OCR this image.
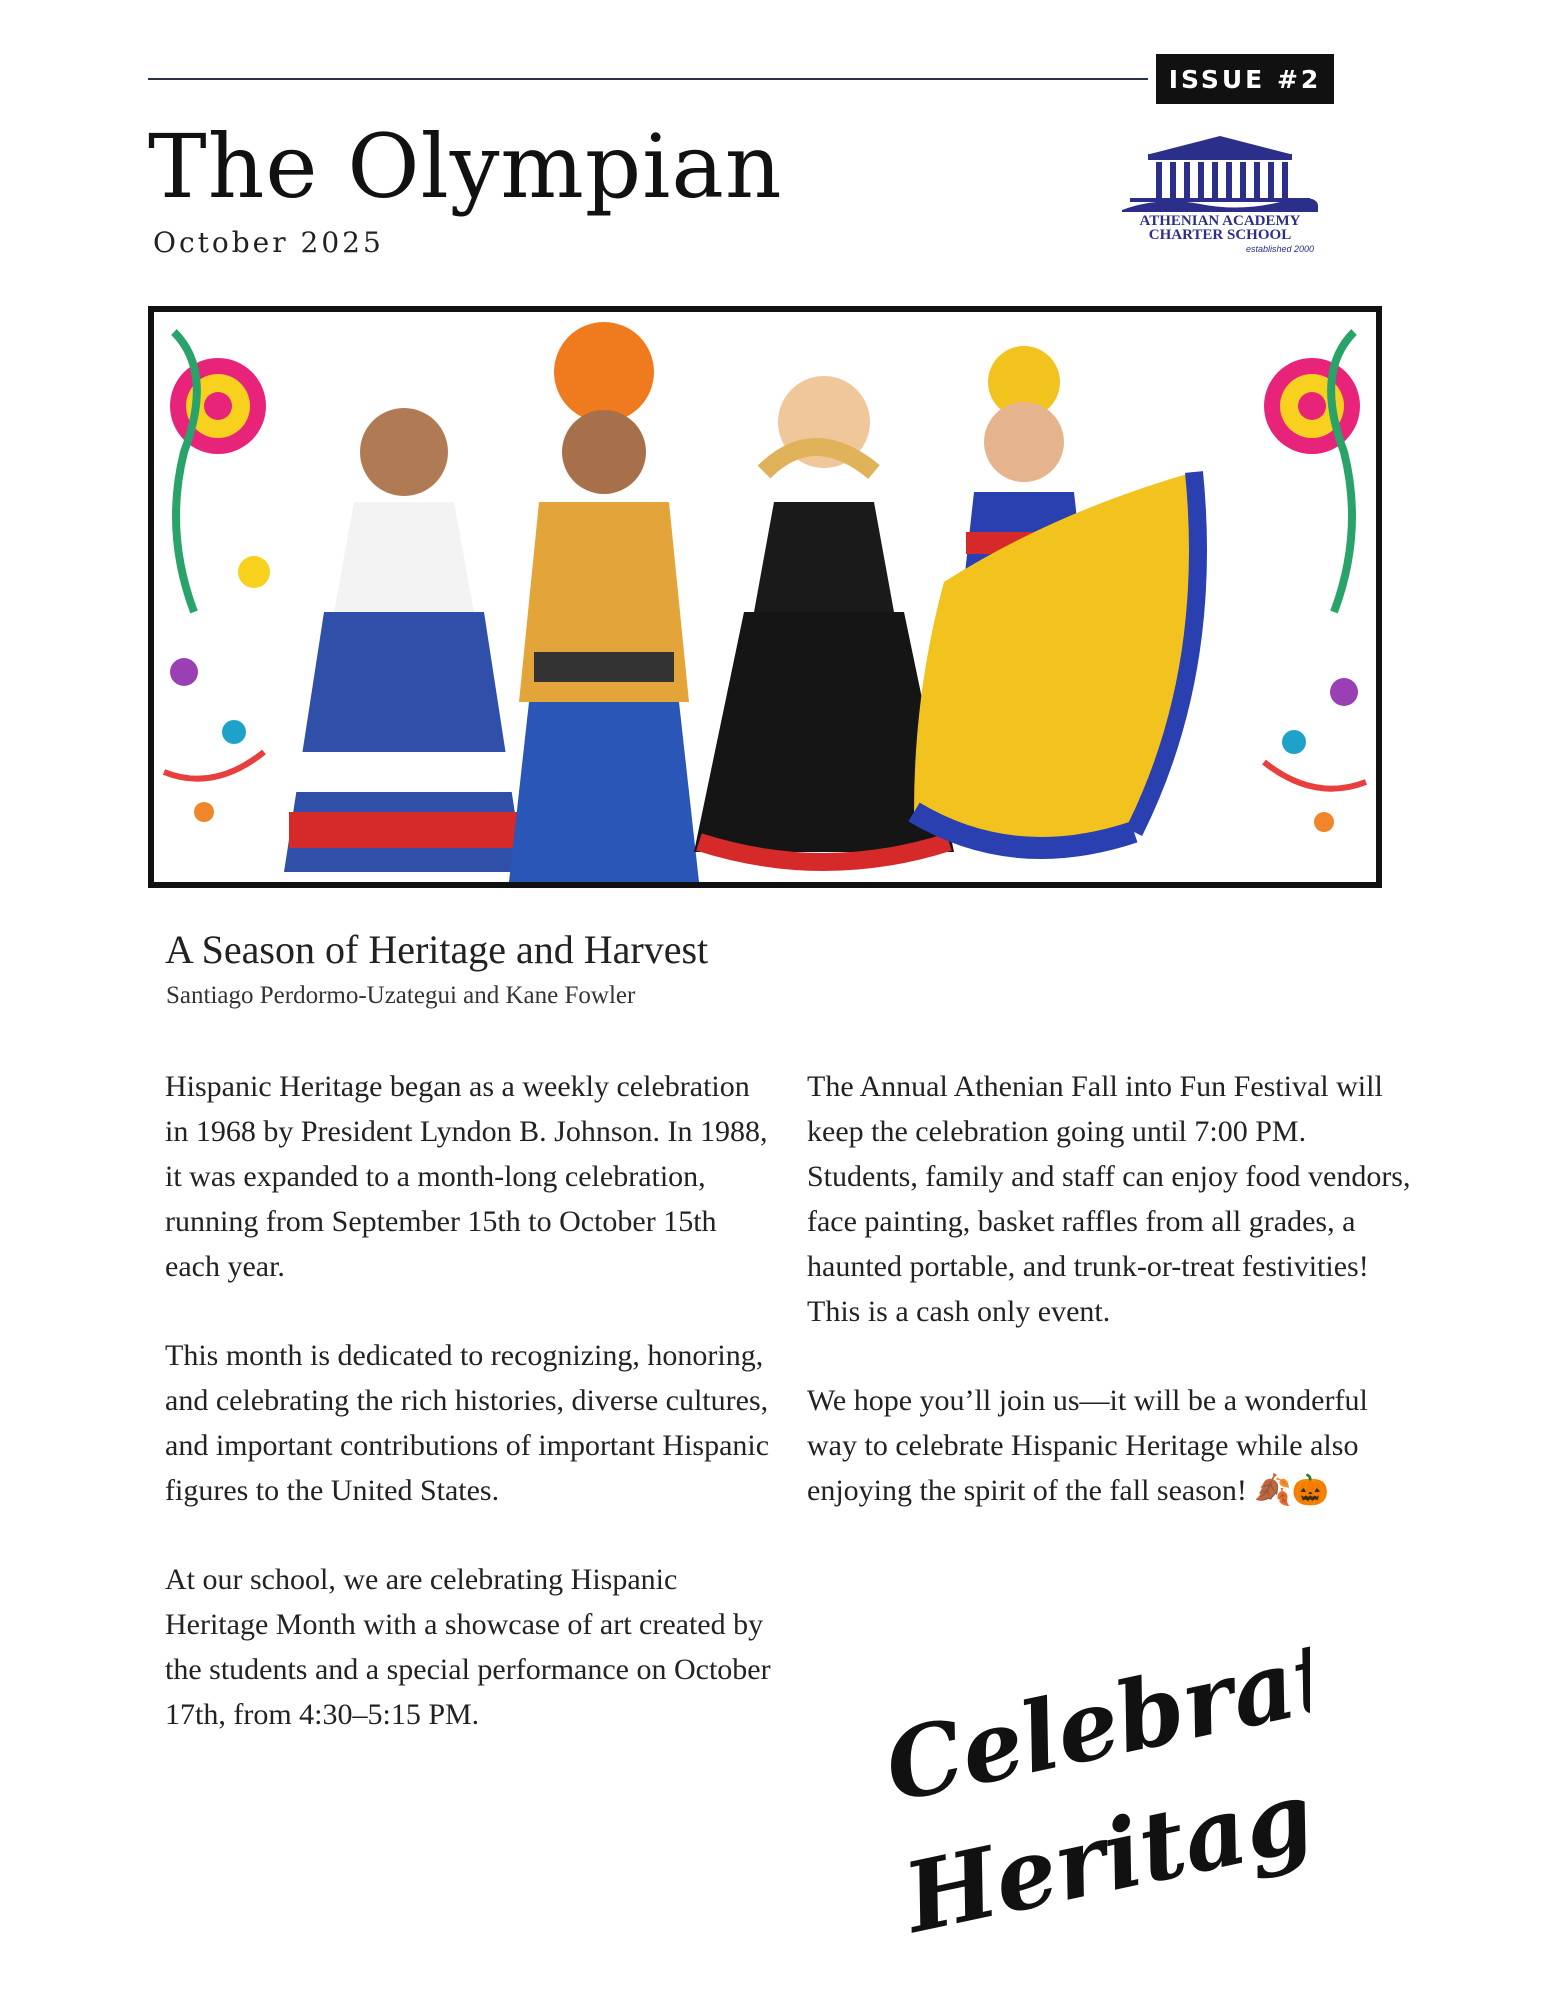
ISSUE #2
The Olympian
October 2025
ATHENIAN ACADEMY
CHARTER SCHOOL
established 2000
A Season of Heritage and Harvest
Santiago Perdormo-Uzategui and Kane Fowler

Hispanic Heritage began as a weekly celebration in 1968 by President Lyndon B. Johnson. In 1988, it was expanded to a month-long celebration, running from September 15th to October 15th each year.

This month is dedicated to recognizing, honoring, and celebrating the rich histories, diverse cultures, and important contributions of important Hispanic figures to the United States.

At our school, we are celebrating Hispanic Heritage Month with a showcase of art created by the students and a special performance on October 17th, from 4:30–5:15 PM.

The Annual Athenian Fall into Fun Festival will keep the celebration going until 7:00 PM. Students, family and staff can enjoy food vendors, face painting, basket raffles from all grades, a haunted portable, and trunk-or-treat festivities! This is a cash only event.

We hope you’ll join us—it will be a wonderful way to celebrate Hispanic Heritage while also enjoying the spirit of the fall season! 🍂🎃

Celebrate
Heritage
